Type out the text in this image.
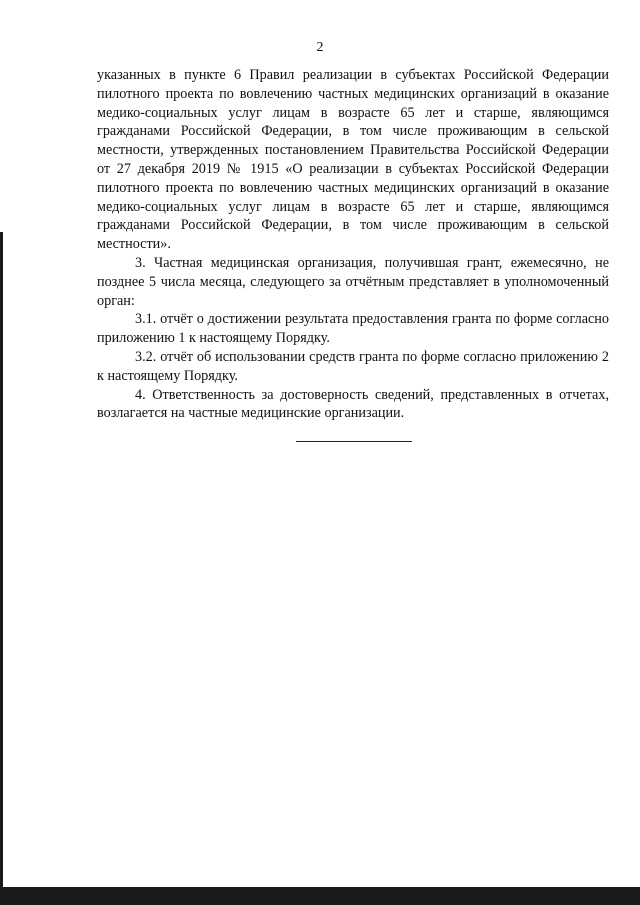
2

указанных в пункте 6 Правил реализации в субъектах Российской Федерации пилотного проекта по вовлечению частных медицинских организаций в оказание медико-социальных услуг лицам в возрасте 65 лет и старше, являющимся гражданами Российской Федерации, в том числе проживающим в сельской местности, утвержденных постановлением Правительства Российской Федерации от 27 декабря 2019 № 1915 «О реализации в субъектах Российской Федерации пилотного проекта по вовлечению частных медицинских организаций в оказание медико-социальных услуг лицам в возрасте 65 лет и старше, являющимся гражданами Российской Федерации, в том числе проживающим в сельской местности».

3. Частная медицинская организация, получившая грант, ежемесячно, не позднее 5 числа месяца, следующего за отчётным представляет в уполномоченный орган:

3.1. отчёт о достижении результата предоставления гранта по форме согласно приложению 1 к настоящему Порядку.

3.2. отчёт об использовании средств гранта по форме согласно приложению 2 к настоящему Порядку.

4. Ответственность за достоверность сведений, представленных в отчетах, возлагается на частные медицинские организации.
